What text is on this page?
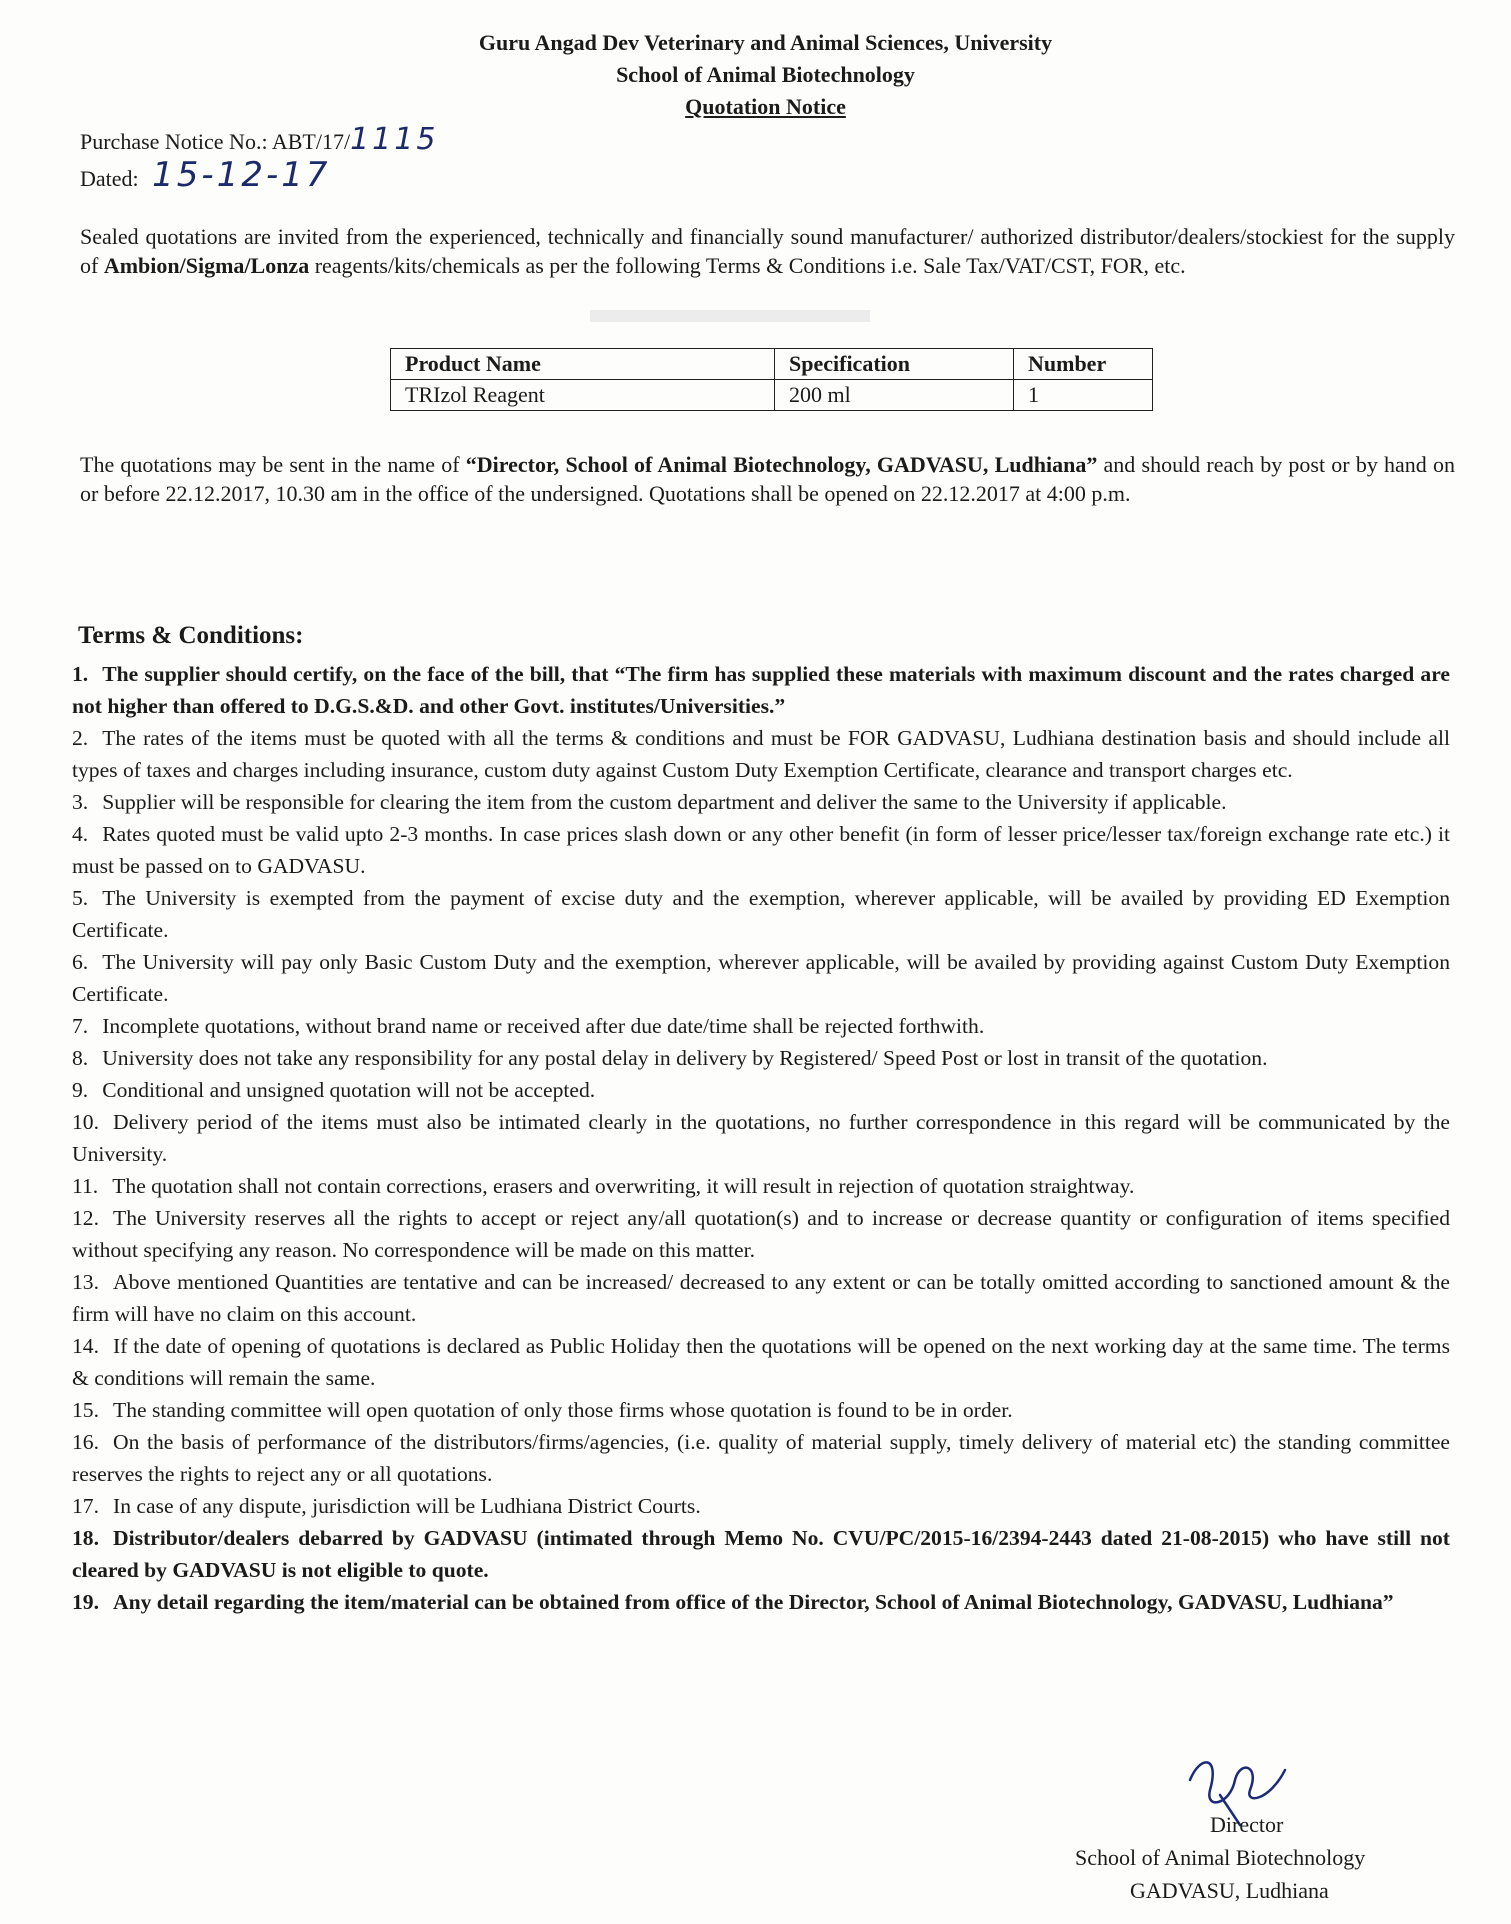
▬▬▬▬▬▬▬
Guru Angad Dev Veterinary and Animal Sciences, University
School of Animal Biotechnology
Quotation Notice
Purchase Notice No.: ABT/17/1115
Dated: 15-12-17
Sealed quotations are invited from the experienced, technically and financially sound manufacturer/ authorized distributor/dealers/stockiest for the supply of Ambion/Sigma/Lonza reagents/kits/chemicals as per the following Terms & Conditions i.e. Sale Tax/VAT/CST, FOR, etc.
Product Name	Specification	Number
TRIzol Reagent	200 ml	1
The quotations may be sent in the name of “Director, School of Animal Biotechnology, GADVASU, Ludhiana” and should reach by post or by hand on or before 22.12.2017, 10.30 am in the office of the undersigned. Quotations shall be opened on 22.12.2017 at 4:00 p.m.
Terms & Conditions:

1. The supplier should certify, on the face of the bill, that “The firm has supplied these materials with maximum discount and the rates charged are not higher than offered to D.G.S.&D. and other Govt. institutes/Universities.”

2. The rates of the items must be quoted with all the terms & conditions and must be FOR GADVASU, Ludhiana destination basis and should include all types of taxes and charges including insurance, custom duty against Custom Duty Exemption Certificate, clearance and transport charges etc.

3. Supplier will be responsible for clearing the item from the custom department and deliver the same to the University if applicable.

4. Rates quoted must be valid upto 2-3 months. In case prices slash down or any other benefit (in form of lesser price/lesser tax/foreign exchange rate etc.) it must be passed on to GADVASU.

5. The University is exempted from the payment of excise duty and the exemption, wherever applicable, will be availed by providing ED Exemption Certificate.

6. The University will pay only Basic Custom Duty and the exemption, wherever applicable, will be availed by providing against Custom Duty Exemption Certificate.

7. Incomplete quotations, without brand name or received after due date/time shall be rejected forthwith.

8. University does not take any responsibility for any postal delay in delivery by Registered/ Speed Post or lost in transit of the quotation.

9. Conditional and unsigned quotation will not be accepted.

10. Delivery period of the items must also be intimated clearly in the quotations, no further correspondence in this regard will be communicated by the University.

11. The quotation shall not contain corrections, erasers and overwriting, it will result in rejection of quotation straightway.

12. The University reserves all the rights to accept or reject any/all quotation(s) and to increase or decrease quantity or configuration of items specified without specifying any reason. No correspondence will be made on this matter.

13. Above mentioned Quantities are tentative and can be increased/ decreased to any extent or can be totally omitted according to sanctioned amount & the firm will have no claim on this account.

14. If the date of opening of quotations is declared as Public Holiday then the quotations will be opened on the next working day at the same time. The terms & conditions will remain the same.

15. The standing committee will open quotation of only those firms whose quotation is found to be in order.

16. On the basis of performance of the distributors/firms/agencies, (i.e. quality of material supply, timely delivery of material etc) the standing committee reserves the rights to reject any or all quotations.

17. In case of any dispute, jurisdiction will be Ludhiana District Courts.

18. Distributor/dealers debarred by GADVASU (intimated through Memo No. CVU/PC/2015-16/2394-2443 dated 21-08-2015) who have still not cleared by GADVASU is not eligible to quote.

19. Any detail regarding the item/material can be obtained from office of the Director, School of Animal Biotechnology, GADVASU, Ludhiana”

Director
School of Animal Biotechnology
GADVASU, Ludhiana
